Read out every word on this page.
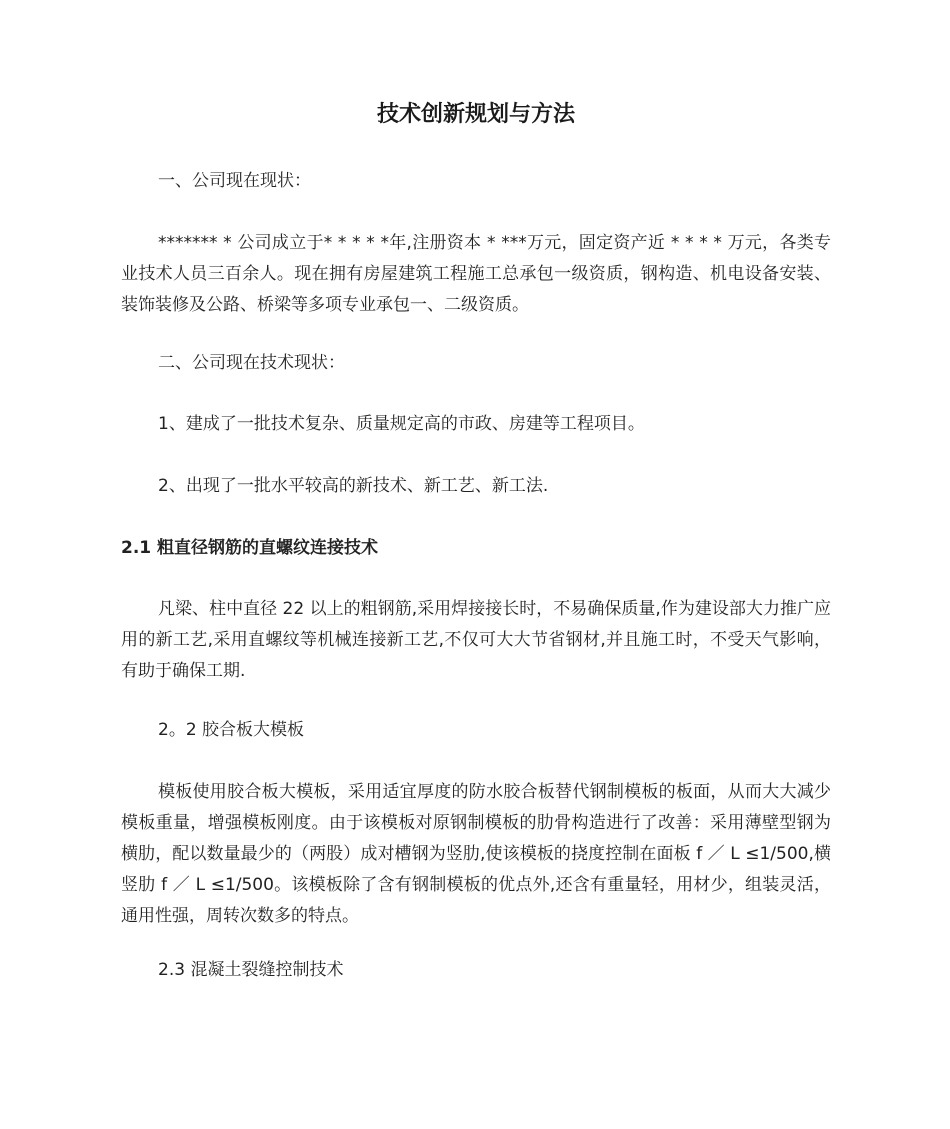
技术创新规划与方法

一、公司现在现状：

******* * 公司成立于* * * * *年,注册资本 * ***万元，固定资产近 * * * * 万元，各类专业技术人员三百余人。现在拥有房屋建筑工程施工总承包一级资质，钢构造、机电设备安装、装饰装修及公路、桥梁等多项专业承包一、二级资质。

二、公司现在技术现状：

1、建成了一批技术复杂、质量规定高的市政、房建等工程项目。

2、出现了一批水平较高的新技术、新工艺、新工法.

2.1 粗直径钢筋的直螺纹连接技术

凡梁、柱中直径 22 以上的粗钢筋,采用焊接接长时，不易确保质量,作为建设部大力推广应用的新工艺,采用直螺纹等机械连接新工艺,不仅可大大节省钢材,并且施工时，不受天气影响，有助于确保工期.

2。2 胶合板大模板

模板使用胶合板大模板，采用适宜厚度的防水胶合板替代钢制模板的板面，从而大大减少模板重量，增强模板刚度。由于该模板对原钢制模板的肋骨构造进行了改善：采用薄壁型钢为横肋，配以数量最少的（两股）成对槽钢为竖肋,使该模板的挠度控制在面板 f ／ L ≤1/500,横竖肋 f ／ L ≤1/500。该模板除了含有钢制模板的优点外,还含有重量轻，用材少，组装灵活，通用性强，周转次数多的特点。

2.3 混凝土裂缝控制技术
